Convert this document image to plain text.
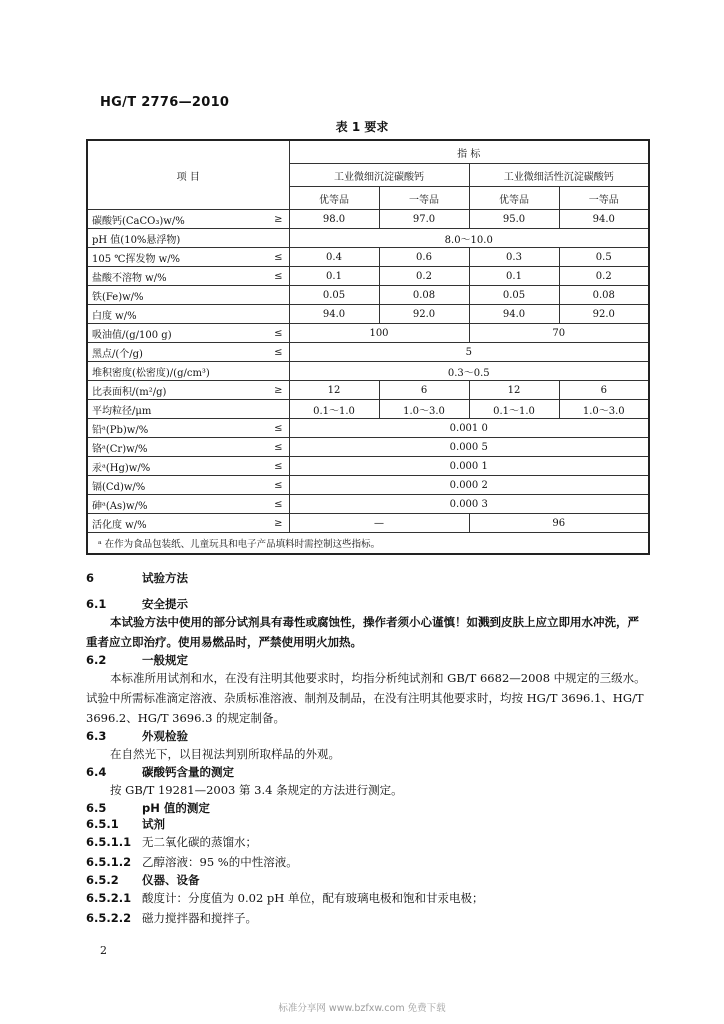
HG/T 2776—2010
表 1 要求
项 目		指 标			
		工业微细沉淀碳酸钙		工业微细活性沉淀碳酸钙	
		优等品	一等品	优等品	一等品
碳酸钙(CaCO₃)w/%	≥	98.0	97.0	95.0	94.0
pH 值(10%悬浮物)		8.0～10.0			
105 ℃挥发物 w/%	≤	0.4	0.6	0.3	0.5
盐酸不溶物 w/%	≤	0.1	0.2	0.1	0.2
铁(Fe)w/%		0.05	0.08	0.05	0.08
白度 w/%		94.0	92.0	94.0	92.0
吸油值/(g/100 g)	≤	100		70	
黑点/(个/g)	≤	5			
堆积密度(松密度)/(g/cm³)		0.3～0.5			
比表面积/(m²/g)	≥	12	6	12	6
平均粒径/μm		0.1～1.0	1.0～3.0	0.1～1.0	1.0～3.0
铅ᵃ(Pb)w/%	≤	0.001 0			
铬ᵃ(Cr)w/%	≤	0.000 5			
汞ᵃ(Hg)w/%	≤	0.000 1			
镉(Cd)w/%	≤	0.000 2			
砷ᵃ(As)w/%	≤	0.000 3			
活化度 w/%	≥	—		96	
ᵃ 在作为食品包装纸、儿童玩具和电子产品填料时需控制这些指标。					
6	试验方法
6.1	安全提示
本试验方法中使用的部分试剂具有毒性或腐蚀性，操作者须小心谨慎！如溅到皮肤上应立即用水冲洗，严重者应立即治疗。使用易燃品时，严禁使用明火加热。
6.2	一般规定
本标准所用试剂和水，在没有注明其他要求时，均指分析纯试剂和 GB/T 6682—2008 中规定的三级水。试验中所需标准滴定溶液、杂质标准溶液、制剂及制品，在没有注明其他要求时，均按 HG/T 3696.1、HG/T 3696.2、HG/T 3696.3 的规定制备。
6.3	外观检验
在自然光下，以目视法判别所取样品的外观。
6.4	碳酸钙含量的测定
按 GB/T 19281—2003 第 3.4 条规定的方法进行测定。
6.5	pH 值的测定
6.5.1 试剂
6.5.1.1 无二氧化碳的蒸馏水；
6.5.1.2 乙醇溶液：95 %的中性溶液。
6.5.2 仪器、设备
6.5.2.1 酸度计：分度值为 0.02 pH 单位，配有玻璃电极和饱和甘汞电极；
6.5.2.2 磁力搅拌器和搅拌子。
2
标准分享网 www.bzfxw.com 免费下载
